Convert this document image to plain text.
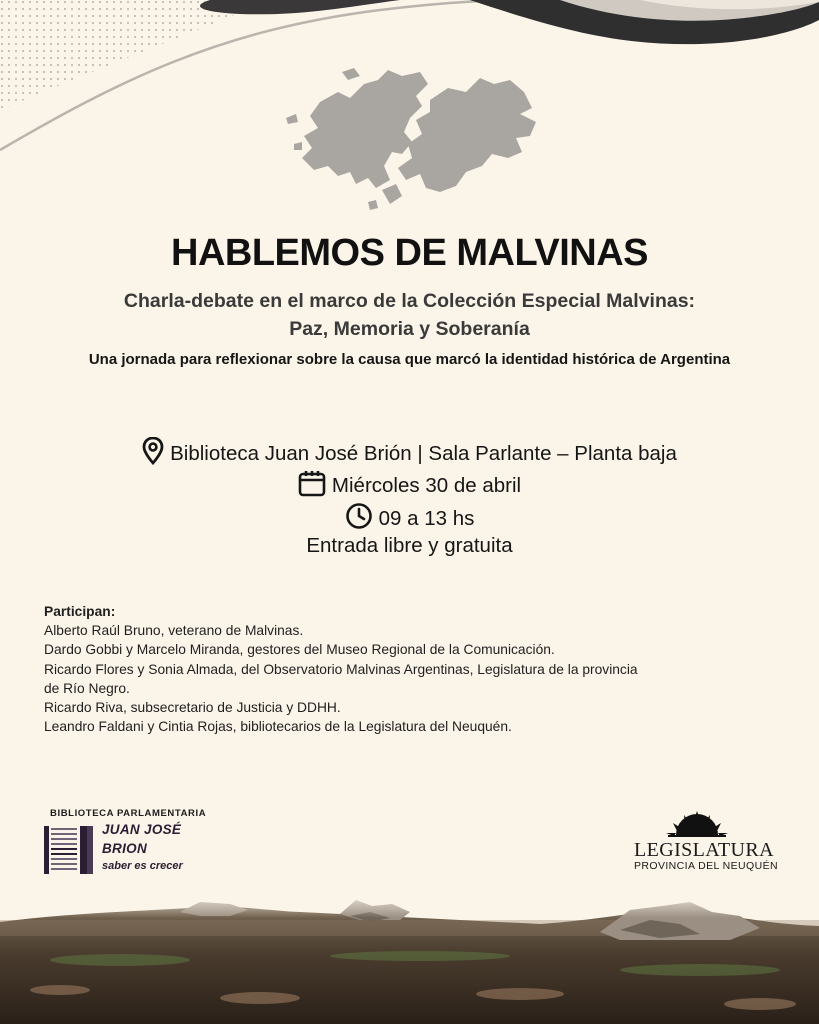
HABLEMOS DE MALVINAS
Charla-debate en el marco de la Colección Especial Malvinas:
Paz, Memoria y Soberanía
Una jornada para reflexionar sobre la causa que marcó la identidad histórica de Argentina
Biblioteca Juan José Brión | Sala Parlante – Planta baja
Miércoles 30 de abril
09 a 13 hs
Entrada libre y gratuita

Participan:

Alberto Raúl Bruno, veterano de Malvinas.

Dardo Gobbi y Marcelo Miranda, gestores del Museo Regional de la Comunicación.

Ricardo Flores y Sonia Almada, del Observatorio Malvinas Argentinas, Legislatura de la provincia

de Río Negro.

Ricardo Riva, subsecretario de Justicia y DDHH.

Leandro Faldani y Cintia Rojas, bibliotecarios de la Legislatura del Neuquén.

BIBLIOTECA PARLAMENTARIA
JUAN JOSÉ
BRION
saber es crecer
LEGISLATURA
PROVINCIA DEL NEUQUÉN
